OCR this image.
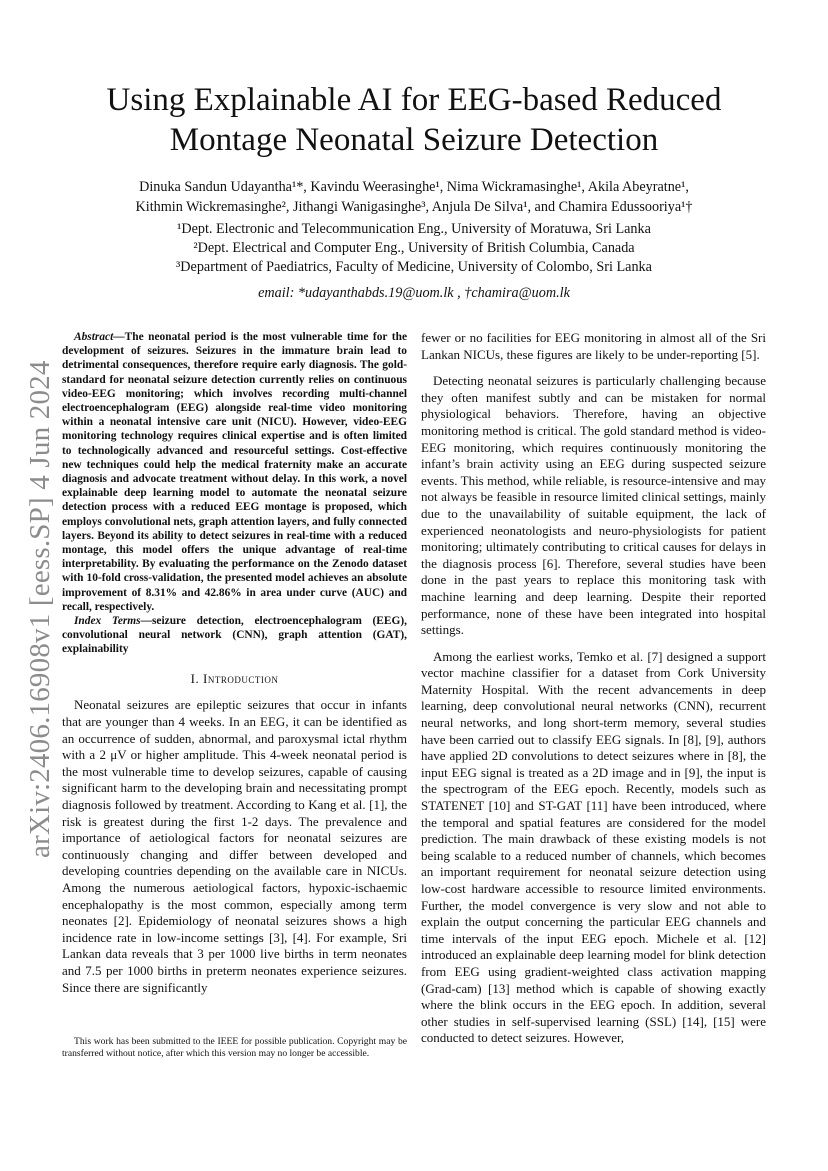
arXiv:2406.16908v1 [eess.SP] 4 Jun 2024
Using Explainable AI for EEG-based Reduced
Montage Neonatal Seizure Detection
Dinuka Sandun Udayantha¹*, Kavindu Weerasinghe¹, Nima Wickramasinghe¹, Akila Abeyratne¹,
Kithmin Wickremasinghe², Jithangi Wanigasinghe³, Anjula De Silva¹, and Chamira Edussooriya¹†
¹Dept. Electronic and Telecommunication Eng., University of Moratuwa, Sri Lanka
²Dept. Electrical and Computer Eng., University of British Columbia, Canada
³Department of Paediatrics, Faculty of Medicine, University of Colombo, Sri Lanka
email: *udayanthabds.19@uom.lk , †chamira@uom.lk

Abstract—The neonatal period is the most vulnerable time for the development of seizures. Seizures in the immature brain lead to detrimental consequences, therefore require early diagnosis. The gold-standard for neonatal seizure detection currently relies on continuous video-EEG monitoring; which involves recording multi-channel electroencephalogram (EEG) alongside real-time video monitoring within a neonatal intensive care unit (NICU). However, video-EEG monitoring technology requires clinical expertise and is often limited to technologically advanced and resourceful settings. Cost-effective new techniques could help the medical fraternity make an accurate diagnosis and advocate treatment without delay. In this work, a novel explainable deep learning model to automate the neonatal seizure detection process with a reduced EEG montage is proposed, which employs convolutional nets, graph attention layers, and fully connected layers. Beyond its ability to detect seizures in real-time with a reduced montage, this model offers the unique advantage of real-time interpretability. By evaluating the performance on the Zenodo dataset with 10-fold cross-validation, the presented model achieves an absolute improvement of 8.31% and 42.86% in area under curve (AUC) and recall, respectively.

Index Terms—seizure detection, electroencephalogram (EEG), convolutional neural network (CNN), graph attention (GAT), explainability

I. Introduction

Neonatal seizures are epileptic seizures that occur in infants that are younger than 4 weeks. In an EEG, it can be identified as an occurrence of sudden, abnormal, and paroxysmal ictal rhythm with a 2 μV or higher amplitude. This 4-week neonatal period is the most vulnerable time to develop seizures, capable of causing significant harm to the developing brain and necessitating prompt diagnosis followed by treatment. According to Kang et al. [1], the risk is greatest during the first 1-2 days. The prevalence and importance of aetiological factors for neonatal seizures are continuously changing and differ between developed and developing countries depending on the available care in NICUs. Among the numerous aetiological factors, hypoxic-ischaemic encephalopathy is the most common, especially among term neonates [2]. Epidemiology of neonatal seizures shows a high incidence rate in low-income settings [3], [4]. For example, Sri Lankan data reveals that 3 per 1000 live births in term neonates and 7.5 per 1000 births in preterm neonates experience seizures. Since there are significantly

This work has been submitted to the IEEE for possible publication. Copyright may be transferred without notice, after which this version may no longer be accessible.

fewer or no facilities for EEG monitoring in almost all of the Sri Lankan NICUs, these figures are likely to be under-reporting [5].

Detecting neonatal seizures is particularly challenging because they often manifest subtly and can be mistaken for normal physiological behaviors. Therefore, having an objective monitoring method is critical. The gold standard method is video-EEG monitoring, which requires continuously monitoring the infant’s brain activity using an EEG during suspected seizure events. This method, while reliable, is resource-intensive and may not always be feasible in resource limited clinical settings, mainly due to the unavailability of suitable equipment, the lack of experienced neonatologists and neuro-physiologists for patient monitoring; ultimately contributing to critical causes for delays in the diagnosis process [6]. Therefore, several studies have been done in the past years to replace this monitoring task with machine learning and deep learning. Despite their reported performance, none of these have been integrated into hospital settings.

Among the earliest works, Temko et al. [7] designed a support vector machine classifier for a dataset from Cork University Maternity Hospital. With the recent advancements in deep learning, deep convolutional neural networks (CNN), recurrent neural networks, and long short-term memory, several studies have been carried out to classify EEG signals. In [8], [9], authors have applied 2D convolutions to detect seizures where in [8], the input EEG signal is treated as a 2D image and in [9], the input is the spectrogram of the EEG epoch. Recently, models such as STATENET [10] and ST-GAT [11] have been introduced, where the temporal and spatial features are considered for the model prediction. The main drawback of these existing models is not being scalable to a reduced number of channels, which becomes an important requirement for neonatal seizure detection using low-cost hardware accessible to resource limited environments. Further, the model convergence is very slow and not able to explain the output concerning the particular EEG channels and time intervals of the input EEG epoch. Michele et al. [12] introduced an explainable deep learning model for blink detection from EEG using gradient-weighted class activation mapping (Grad-cam) [13] method which is capable of showing exactly where the blink occurs in the EEG epoch. In addition, several other studies in self-supervised learning (SSL) [14], [15] were conducted to detect seizures. However,
